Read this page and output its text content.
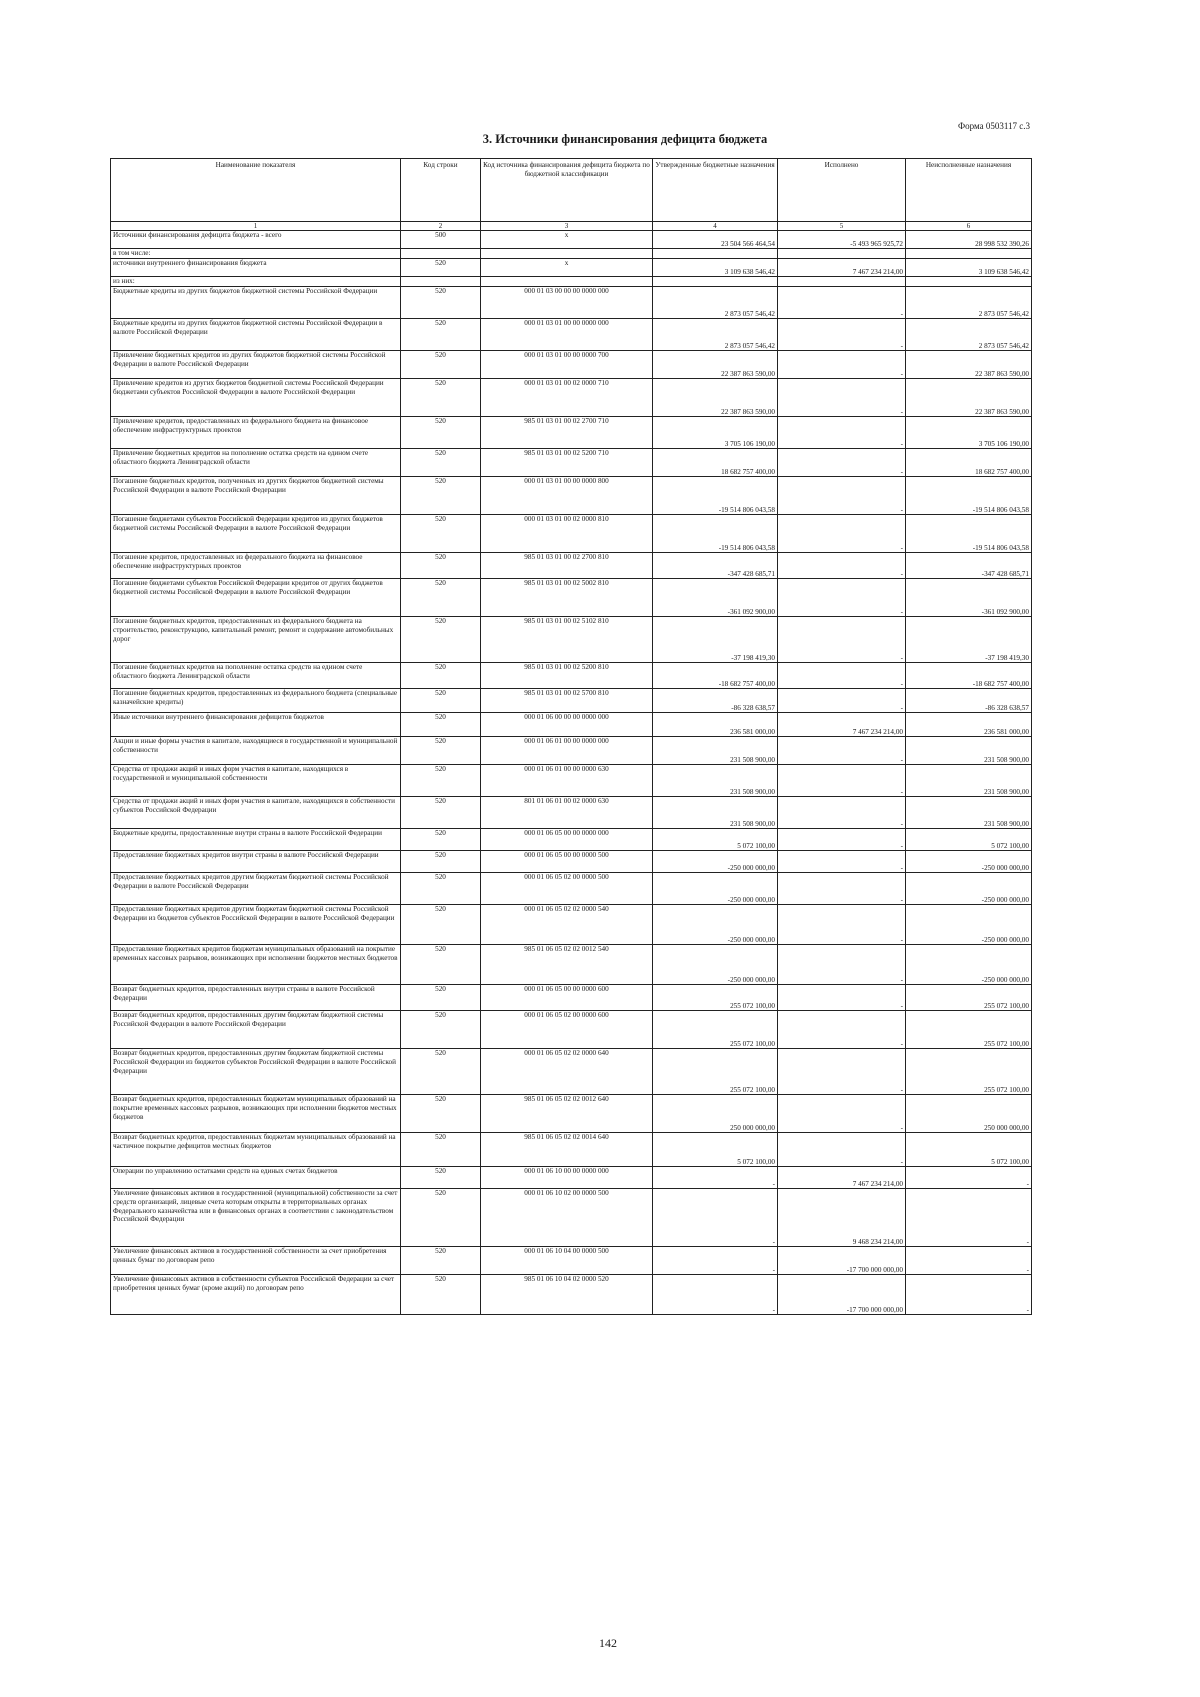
Форма 0503117 с.3
3. Источники финансирования дефицита бюджета
Наименование показателя	Код строки	Код источника финансирования дефицита бюджета по бюджетной классификации	Утвержденные бюджетные назначения	Исполнено	Неисполненные назначения
1	2	3	4	5	6
Источники финансирования дефицита бюджета - всего	500	x	23 504 566 464,54	-5 493 965 925,72	28 998 532 390,26
в том числе:					
источники внутреннего финансирования бюджета	520	x	3 109 638 546,42	7 467 234 214,00	3 109 638 546,42
из них:					
Бюджетные кредиты из других бюджетов бюджетной системы Российской Федерации	520	000 01 03 00 00 00 0000 000	2 873 057 546,42	-	2 873 057 546,42
Бюджетные кредиты из других бюджетов бюджетной системы Российской Федерации в валюте Российской Федерации	520	000 01 03 01 00 00 0000 000	2 873 057 546,42	-	2 873 057 546,42
Привлечение бюджетных кредитов из других бюджетов бюджетной системы Российской Федерации в валюте Российской Федерации	520	000 01 03 01 00 00 0000 700	22 387 863 590,00	-	22 387 863 590,00
Привлечение кредитов из других бюджетов бюджетной системы Российской Федерации бюджетами субъектов Российской Федерации в валюте Российской Федерации	520	000 01 03 01 00 02 0000 710	22 387 863 590,00	-	22 387 863 590,00
Привлечение кредитов, предоставленных из федерального бюджета на финансовое обеспечение инфраструктурных проектов	520	985 01 03 01 00 02 2700 710	3 705 106 190,00	-	3 705 106 190,00
Привлечение бюджетных кредитов на пополнение остатка средств на едином счете областного бюджета Ленинградской области	520	985 01 03 01 00 02 5200 710	18 682 757 400,00	-	18 682 757 400,00
Погашение бюджетных кредитов, полученных из других бюджетов бюджетной системы Российской Федерации в валюте Российской Федерации	520	000 01 03 01 00 00 0000 800	-19 514 806 043,58	-	-19 514 806 043,58
Погашение бюджетами субъектов Российской Федерации кредитов из других бюджетов бюджетной системы Российской Федерации в валюте Российской Федерации	520	000 01 03 01 00 02 0000 810	-19 514 806 043,58	-	-19 514 806 043,58
Погашение кредитов, предоставленных из федерального бюджета на финансовое обеспечение инфраструктурных проектов	520	985 01 03 01 00 02 2700 810	-347 428 685,71	-	-347 428 685,71
Погашение бюджетами субъектов Российской Федерации кредитов от других бюджетов бюджетной системы Российской Федерации в валюте Российской Федерации	520	985 01 03 01 00 02 5002 810	-361 092 900,00	-	-361 092 900,00
Погашение бюджетных кредитов, предоставленных из федерального бюджета на строительство, реконструкцию, капитальный ремонт, ремонт и содержание автомобильных дорог	520	985 01 03 01 00 02 5102 810	-37 198 419,30	-	-37 198 419,30
Погашение бюджетных кредитов на пополнение остатка средств на едином счете областного бюджета Ленинградской области	520	985 01 03 01 00 02 5200 810	-18 682 757 400,00	-	-18 682 757 400,00
Погашение бюджетных кредитов, предоставленных из федерального бюджета (специальные казначейские кредиты)	520	985 01 03 01 00 02 5700 810	-86 328 638,57	-	-86 328 638,57
Иные источники внутреннего финансирования дефицитов бюджетов	520	000 01 06 00 00 00 0000 000	236 581 000,00	7 467 234 214,00	236 581 000,00
Акции и иные формы участия в капитале, находящиеся в государственной и муниципальной собственности	520	000 01 06 01 00 00 0000 000	231 508 900,00	-	231 508 900,00
Средства от продажи акций и иных форм участия в капитале, находящихся в государственной и муниципальной собственности	520	000 01 06 01 00 00 0000 630	231 508 900,00	-	231 508 900,00
Средства от продажи акций и иных форм участия в капитале, находящихся в собственности субъектов Российской Федерации	520	801 01 06 01 00 02 0000 630	231 508 900,00	-	231 508 900,00
Бюджетные кредиты, предоставленные внутри страны в валюте Российской Федерации	520	000 01 06 05 00 00 0000 000	5 072 100,00	-	5 072 100,00
Предоставление бюджетных кредитов внутри страны в валюте Российской Федерации	520	000 01 06 05 00 00 0000 500	-250 000 000,00	-	-250 000 000,00
Предоставление бюджетных кредитов другим бюджетам бюджетной системы Российской Федерации в валюте Российской Федерации	520	000 01 06 05 02 00 0000 500	-250 000 000,00	-	-250 000 000,00
Предоставление бюджетных кредитов другим бюджетам бюджетной системы Российской Федерации из бюджетов субъектов Российской Федерации в валюте Российской Федерации	520	000 01 06 05 02 02 0000 540	-250 000 000,00	-	-250 000 000,00
Предоставление бюджетных кредитов бюджетам муниципальных образований на покрытие временных кассовых разрывов, возникающих при исполнении бюджетов местных бюджетов	520	985 01 06 05 02 02 0012 540	-250 000 000,00	-	-250 000 000,00
Возврат бюджетных кредитов, предоставленных внутри страны в валюте Российской Федерации	520	000 01 06 05 00 00 0000 600	255 072 100,00	-	255 072 100,00
Возврат бюджетных кредитов, предоставленных другим бюджетам бюджетной системы Российской Федерации в валюте Российской Федерации	520	000 01 06 05 02 00 0000 600	255 072 100,00	-	255 072 100,00
Возврат бюджетных кредитов, предоставленных другим бюджетам бюджетной системы Российской Федерации из бюджетов субъектов Российской Федерации в валюте Российской Федерации	520	000 01 06 05 02 02 0000 640	255 072 100,00	-	255 072 100,00
Возврат бюджетных кредитов, предоставленных бюджетам муниципальных образований на покрытие временных кассовых разрывов, возникающих при исполнении бюджетов местных бюджетов	520	985 01 06 05 02 02 0012 640	250 000 000,00	-	250 000 000,00
Возврат бюджетных кредитов, предоставленных бюджетам муниципальных образований на частичное покрытие дефицитов местных бюджетов	520	985 01 06 05 02 02 0014 640	5 072 100,00	-	5 072 100,00
Операции по управлению остатками средств на единых счетах бюджетов	520	000 01 06 10 00 00 0000 000	-	7 467 234 214,00	-
Увеличение финансовых активов в государственной (муниципальной) собственности за счет средств организаций, лицевые счета которым открыты в территориальных органах Федерального казначейства или в финансовых органах в соответствии с законодательством Российской Федерации	520	000 01 06 10 02 00 0000 500	-	9 468 234 214,00	-
Увеличение финансовых активов в государственной собственности за счет приобретения ценных бумаг по договорам репо	520	000 01 06 10 04 00 0000 500	-	-17 700 000 000,00	-
Увеличение финансовых активов в собственности субъектов Российской Федерации за счет приобретения ценных бумаг (кроме акций) по договорам репо	520	985 01 06 10 04 02 0000 520	-	-17 700 000 000,00	-
142
